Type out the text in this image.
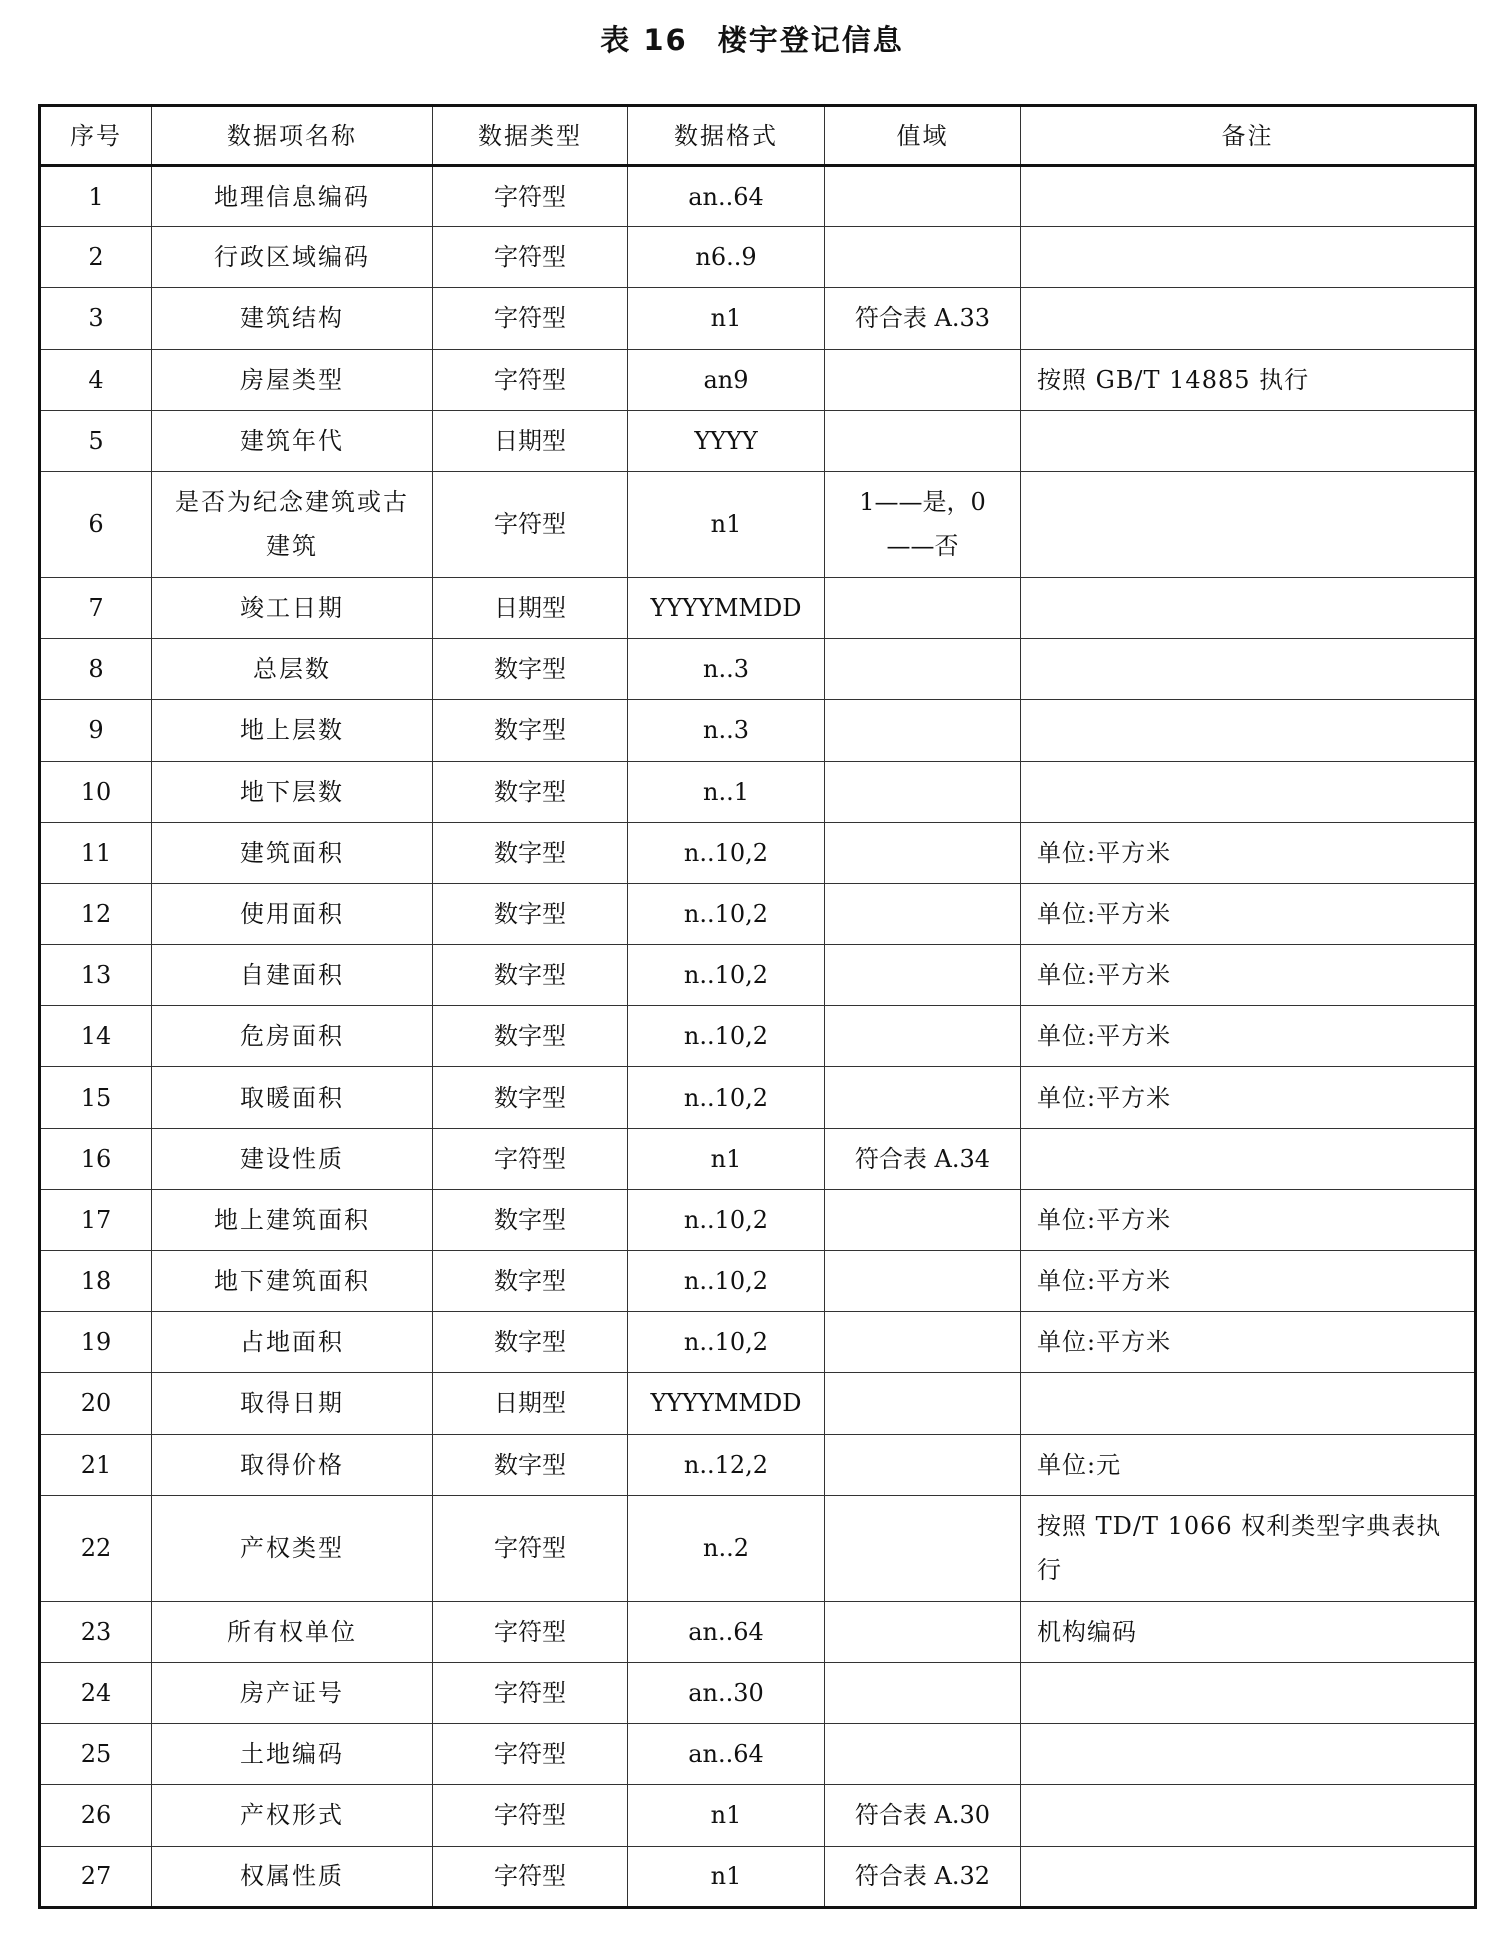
表 16 楼宇登记信息
序号	数据项名称	数据类型	数据格式	值域	备注
1	地理信息编码	字符型	an..64		
2	行政区域编码	字符型	n6..9		
3	建筑结构	字符型	n1	符合表 A.33	
4	房屋类型	字符型	an9		按照 GB/T 14885 执行
5	建筑年代	日期型	YYYY		
6	是否为纪念建筑或古建筑	字符型	n1	1——是，0——否	
7	竣工日期	日期型	YYYYMMDD		
8	总层数	数字型	n..3		
9	地上层数	数字型	n..3		
10	地下层数	数字型	n..1		
11	建筑面积	数字型	n..10,2		单位:平方米
12	使用面积	数字型	n..10,2		单位:平方米
13	自建面积	数字型	n..10,2		单位:平方米
14	危房面积	数字型	n..10,2		单位:平方米
15	取暖面积	数字型	n..10,2		单位:平方米
16	建设性质	字符型	n1	符合表 A.34	
17	地上建筑面积	数字型	n..10,2		单位:平方米
18	地下建筑面积	数字型	n..10,2		单位:平方米
19	占地面积	数字型	n..10,2		单位:平方米
20	取得日期	日期型	YYYYMMDD		
21	取得价格	数字型	n..12,2		单位:元
22	产权类型	字符型	n..2		按照 TD/T 1066 权利类型字典表执行
23	所有权单位	字符型	an..64		机构编码
24	房产证号	字符型	an..30		
25	土地编码	字符型	an..64		
26	产权形式	字符型	n1	符合表 A.30	
27	权属性质	字符型	n1	符合表 A.32	
